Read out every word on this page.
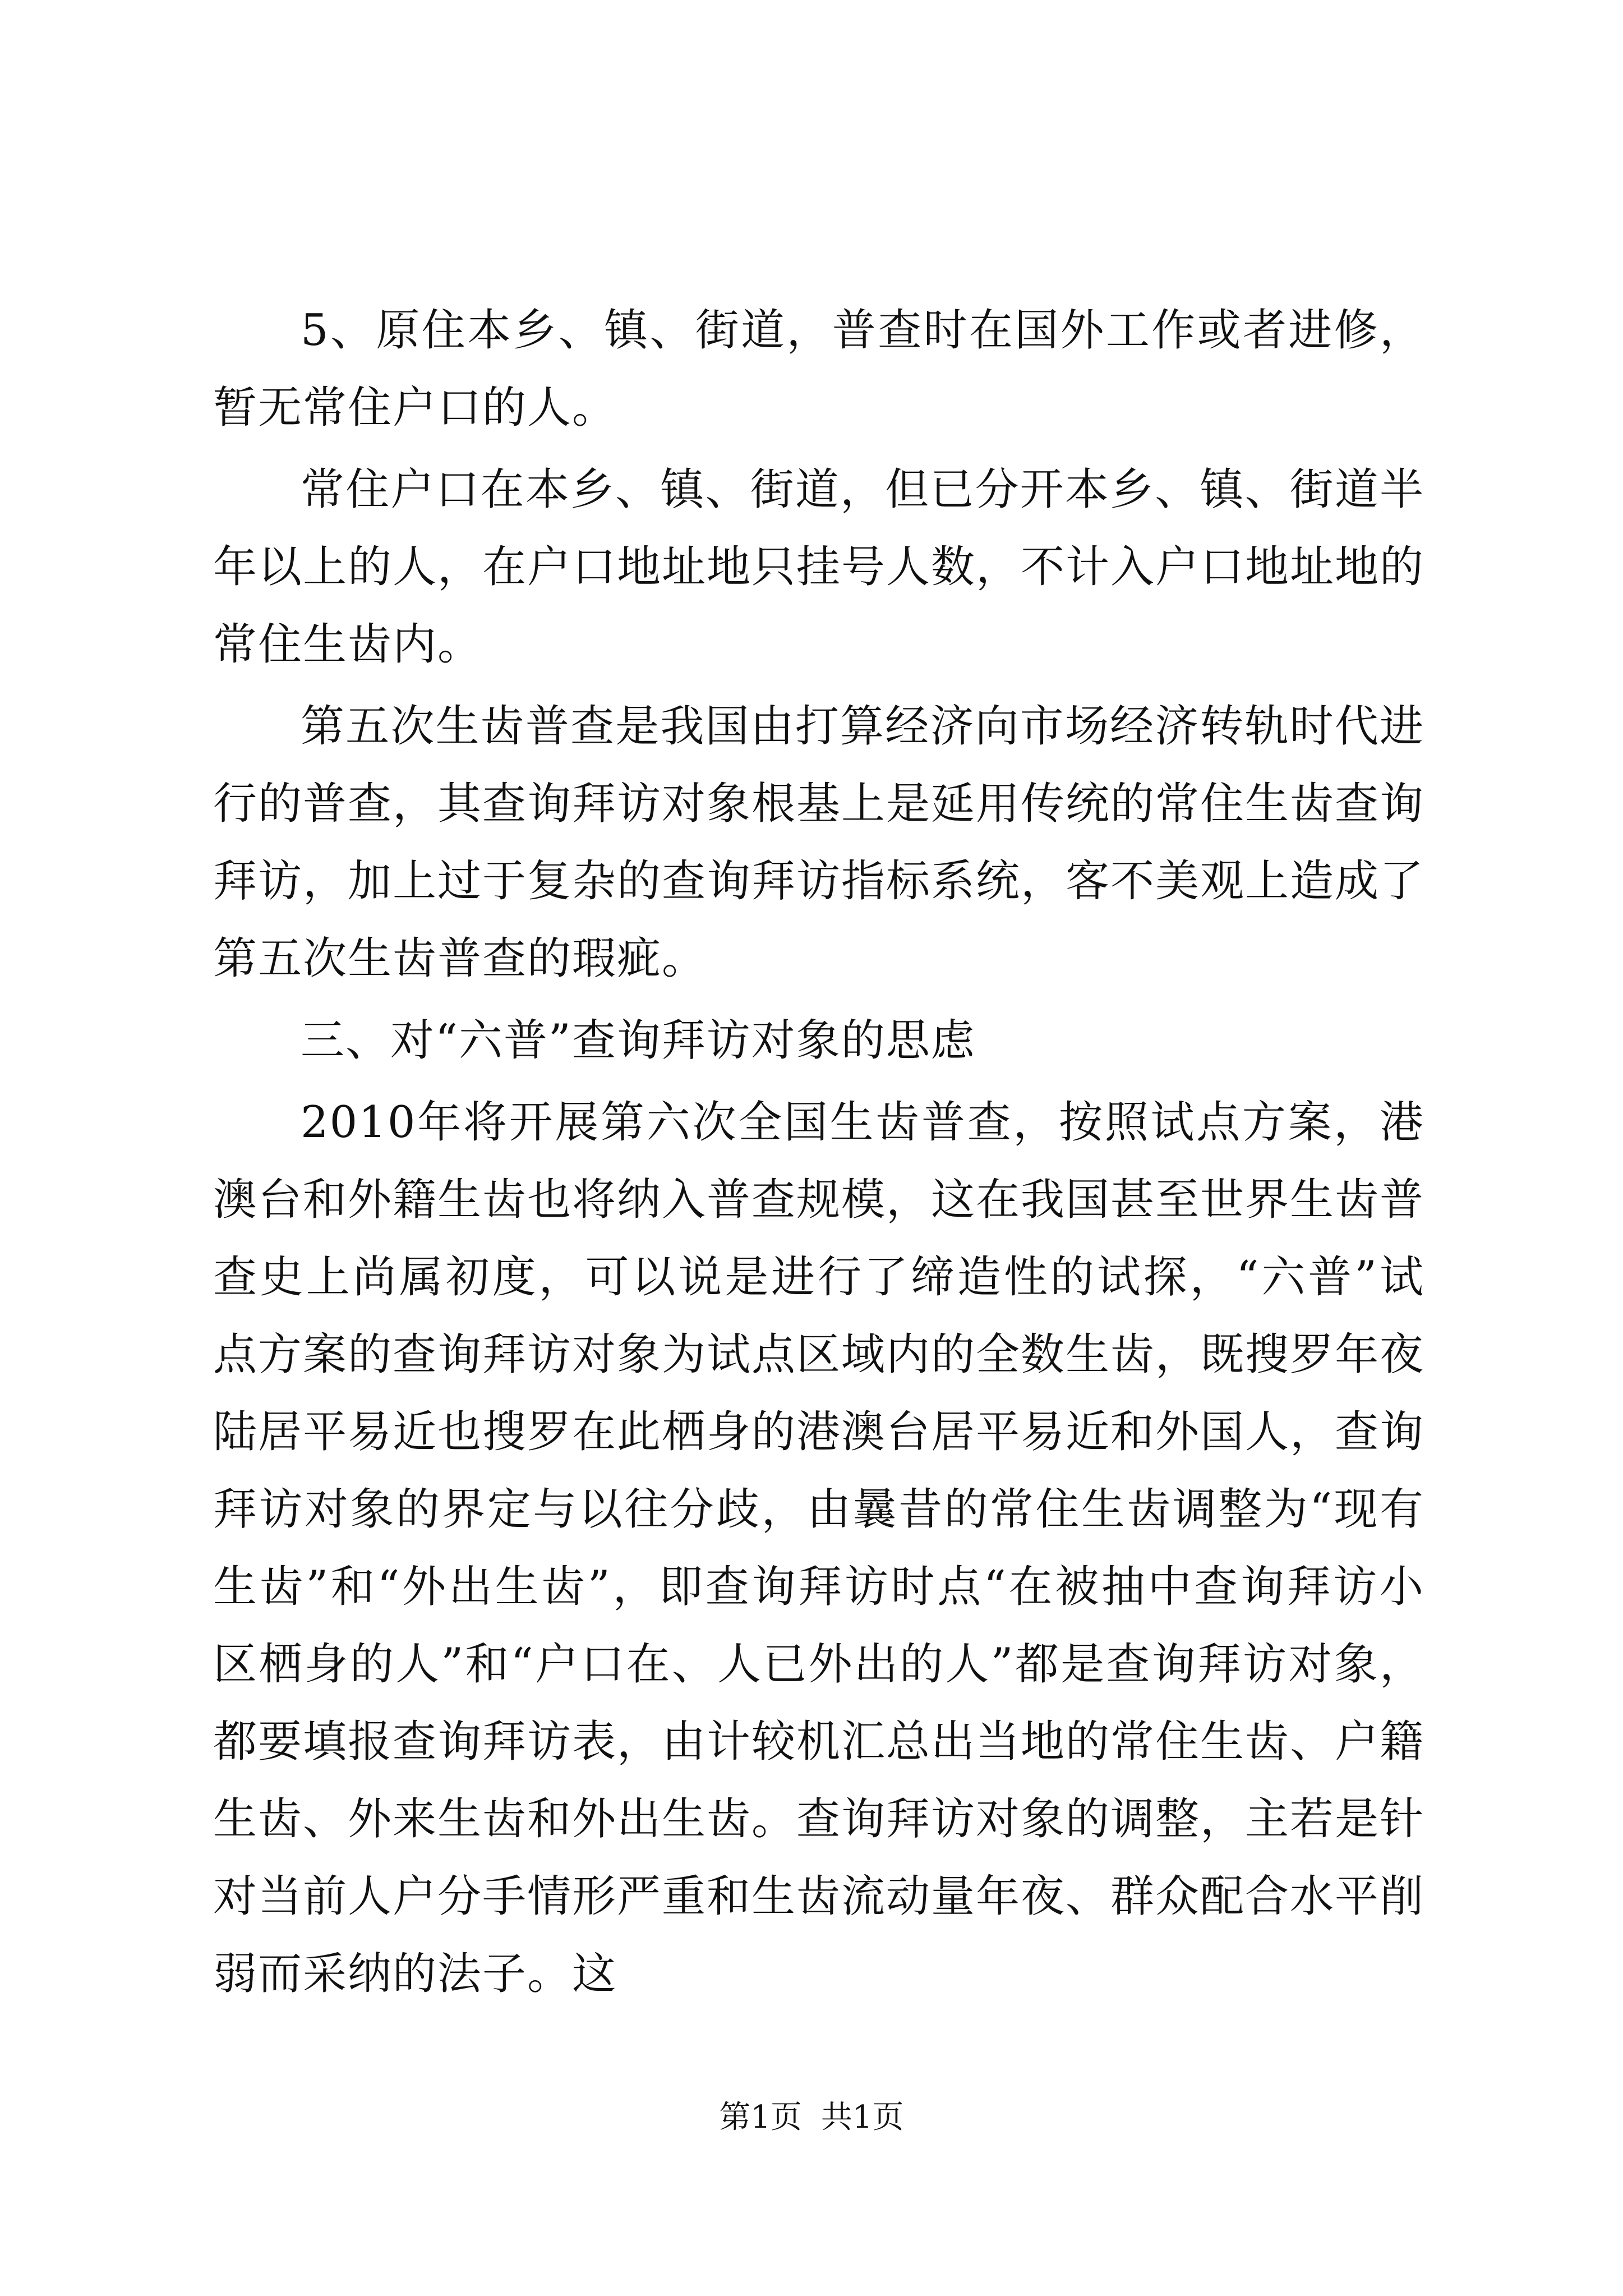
5、原住本乡、镇、街道，普查时在国外工作或者进修，暂无常住户口的人。

常住户口在本乡、镇、街道，但已分开本乡、镇、街道半年以上的人，在户口地址地只挂号人数，不计入户口地址地的常住生齿内。

第五次生齿普查是我国由打算经济向市场经济转轨时代进行的普查，其查询拜访对象根基上是延用传统的常住生齿查询拜访，加上过于复杂的查询拜访指标系统，客不美观上造成了第五次生齿普查的瑕疵。

三、对“六普”查询拜访对象的思虑

2010年将开展第六次全国生齿普查，按照试点方案，港澳台和外籍生齿也将纳入普查规模，这在我国甚至世界生齿普查史上尚属初度，可以说是进行了缔造性的试探，“六普”试点方案的查询拜访对象为试点区域内的全数生齿，既搜罗年夜陆居平易近也搜罗在此栖身的港澳台居平易近和外国人，查询拜访对象的界定与以往分歧，由曩昔的常住生齿调整为“现有生齿”和“外出生齿”，即查询拜访时点“在被抽中查询拜访小区栖身的人”和“户口在、人已外出的人”都是查询拜访对象，都要填报查询拜访表，由计较机汇总出当地的常住生齿、户籍生齿、外来生齿和外出生齿。查询拜访对象的调整，主若是针对当前人户分手情形严重和生齿流动量年夜、群众配合水平削弱而采纳的法子。这

第1页 共1页
